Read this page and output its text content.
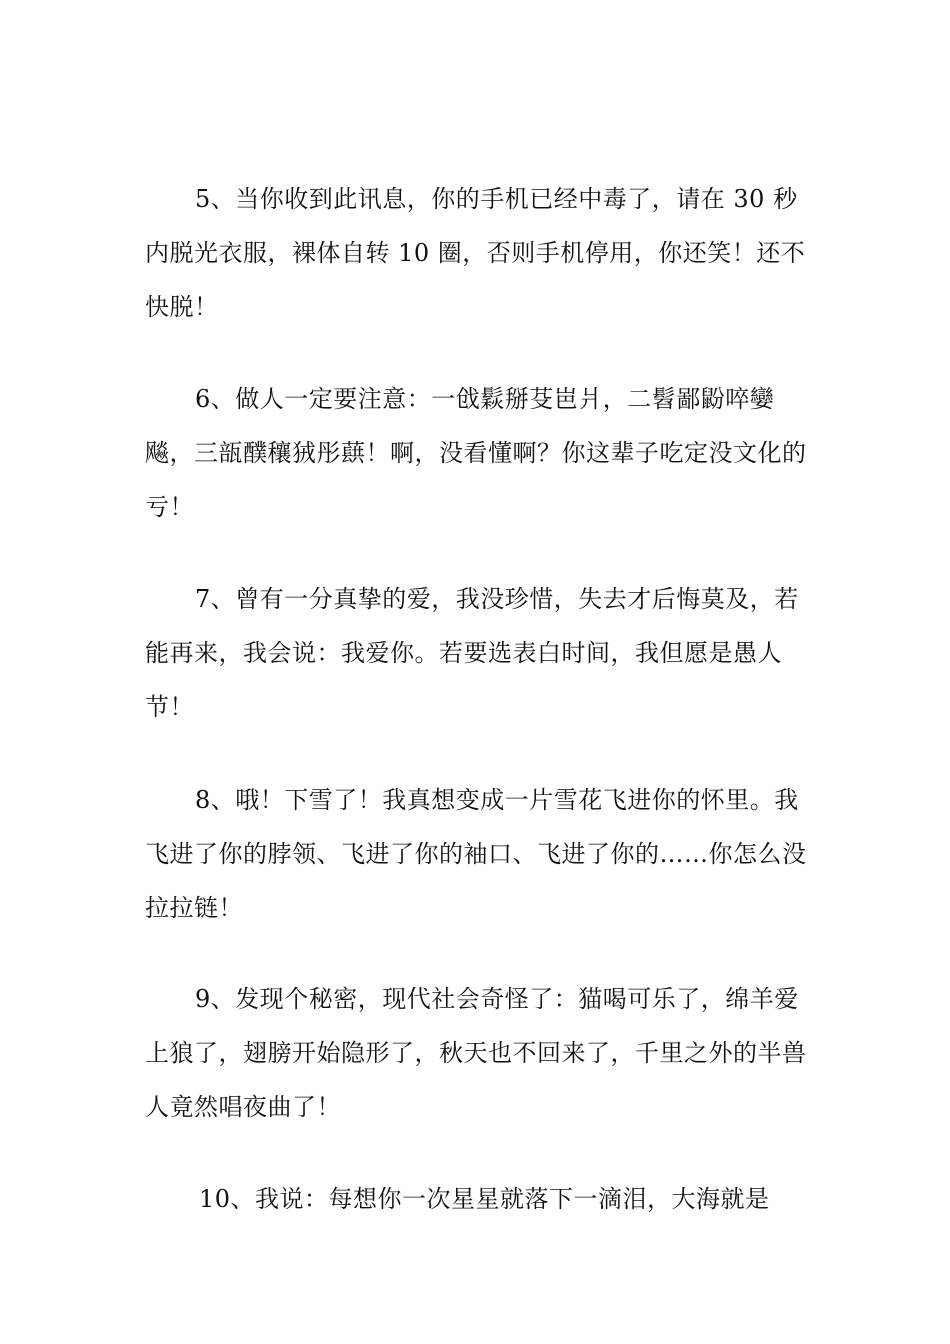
5、当你收到此讯息，你的手机已经中毒了，请在 30 秒内脱光衣服，裸体自转 10 圈，否则手机停用，你还笑！还不快脱！

6、做人一定要注意：一戗鬏掰芟岜爿，二髫鄙鼢啐孌飚，三瓿醭穰狨彤蕻！啊，没看懂啊？你这辈子吃定没文化的亏！

7、曾有一分真挚的爱，我没珍惜，失去才后悔莫及，若能再来，我会说：我爱你。若要选表白时间，我但愿是愚人节！

8、哦！下雪了！我真想变成一片雪花飞进你的怀里。我飞进了你的脖领、飞进了你的袖口、飞进了你的……你怎么没拉拉链！

9、发现个秘密，现代社会奇怪了：猫喝可乐了，绵羊爱上狼了，翅膀开始隐形了，秋天也不回来了，千里之外的半兽人竟然唱夜曲了！

10、我说：每想你一次星星就落下一滴泪，大海就是
